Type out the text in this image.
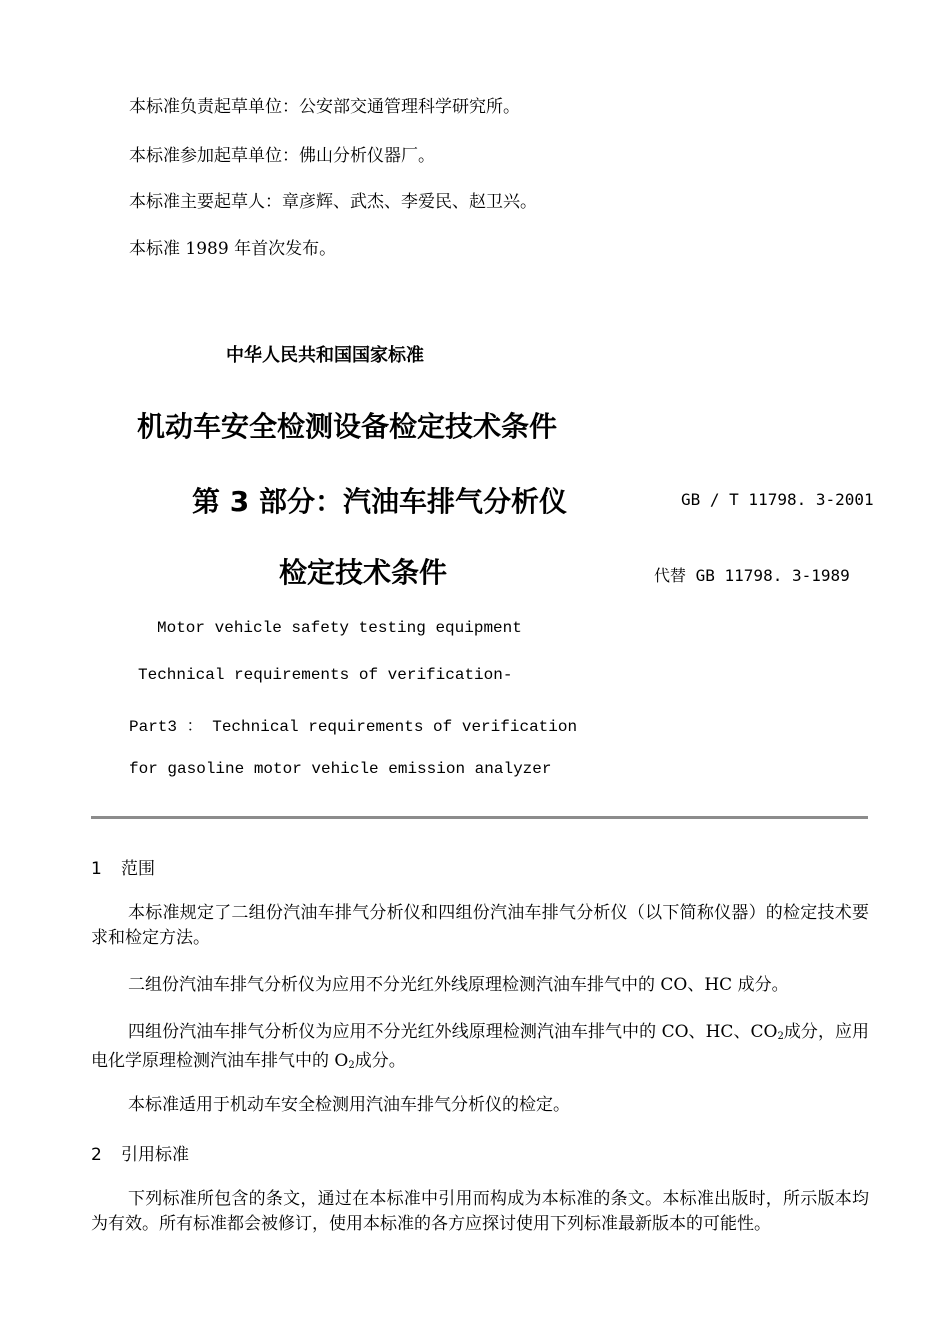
本标准负责起草单位：公安部交通管理科学研究所。
本标准参加起草单位：佛山分析仪器厂。
本标准主要起草人：章彦辉、武杰、李爱民、赵卫兴。
本标准 1989 年首次发布。
中华人民共和国国家标准
机动车安全检测设备检定技术条件
第 3 部分：汽油车排气分析仪	GB / T 11798. 3-2001
检定技术条件	代替 GB 11798. 3-1989
Motor vehicle safety testing equipment
Technical requirements of verification-
Part3 ： Technical requirements of verification
for gasoline motor vehicle emission analyzer
1 范围
本标准规定了二组份汽油车排气分析仪和四组份汽油车排气分析仪（以下简称仪器）的检定技术要求和检定方法。
二组份汽油车排气分析仪为应用不分光红外线原理检测汽油车排气中的 CO、HC 成分。
四组份汽油车排气分析仪为应用不分光红外线原理检测汽油车排气中的 CO、HC、$CO_2$成分，应用电化学原理检测汽油车排气中的 $O_2$成分。
本标准适用于机动车安全检测用汽油车排气分析仪的检定。
2 引用标准
下列标准所包含的条文，通过在本标准中引用而构成为本标准的条文。本标准出版时，所示版本均为有效。所有标准都会被修订，使用本标准的各方应探讨使用下列标准最新版本的可能性。
